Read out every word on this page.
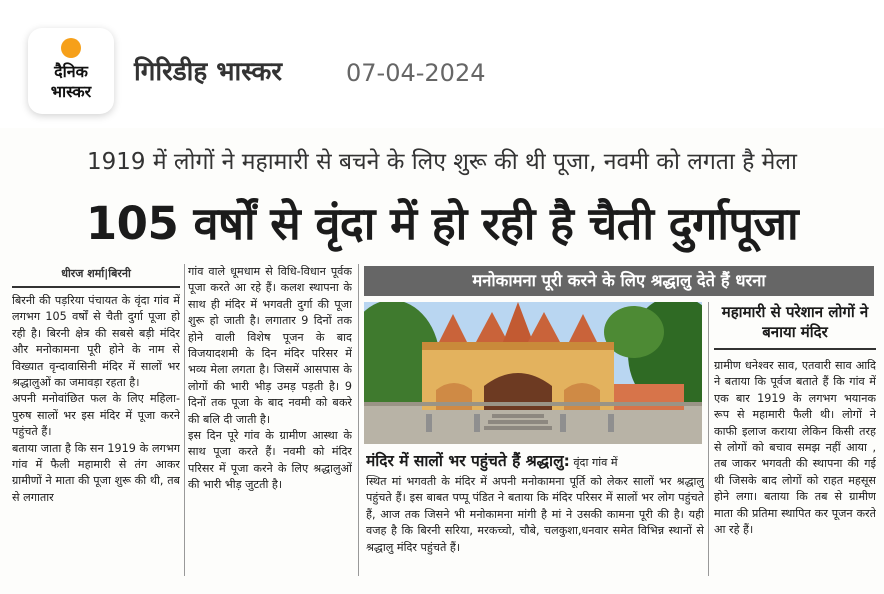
दैनिक
भास्कर
गिरिडीह भास्कर	07-04-2024
1919 में लोगों ने महामारी से बचने के लिए शुरू की थी पूजा, नवमी को लगता है मेला
105 वर्षों से वृंदा में हो रही है चैती दुर्गापूजा
धीरज शर्मा|बिरनी
बिरनी की पड़रिया पंचायत के वृंदा गांव में लगभग 105 वर्षों से चैती दुर्गा पूजा हो रही है। बिरनी क्षेत्र की सबसे बड़ी मंदिर और मनोकामना पूरी होने के नाम से विख्यात वृन्दावासिनी मंदिर में सालों भर श्रद्धालुओं का जमावड़ा रहता है।
अपनी मनोवांछित फल के लिए महिला- पुरुष सालों भर इस मंदिर में पूजा करने पहुंचते हैं।
बताया जाता है कि सन 1919 के लगभग गांव में फैली महामारी से तंग आकर ग्रामीणों ने माता की पूजा शुरू की थी, तब से लगातार
गांव वाले धूमधाम से विधि-विधान पूर्वक पूजा करते आ रहे हैं। कलश स्थापना के साथ ही मंदिर में भगवती दुर्गा की पूजा शुरू हो जाती है। लगातार 9 दिनों तक होने वाली विशेष पूजन के बाद विजयादशमी के दिन मंदिर परिसर में भव्य मेला लगता है। जिसमें आसपास के लोगों की भारी भीड़ उमड़ पड़ती है। 9 दिनों तक पूजा के बाद नवमी को बकरे की बलि दी जाती है।
इस दिन पूरे गांव के ग्रामीण आस्था के साथ पूजा करते हैं। नवमी को मंदिर परिसर में पूजा करने के लिए श्रद्धालुओं की भारी भीड़ जुटती है।
मनोकामना पूरी करने के लिए श्रद्धालु देते हैं धरना
मंदिर में सालों भर पहुंचते हैं श्रद्धालु: वृंदा गांव में
स्थित मां भगवती के मंदिर में अपनी मनोकामना पूर्ति को लेकर सालों भर श्रद्धालु पहुंचते हैं। इस बाबत पप्पू पंडित ने बताया कि मंदिर परिसर में सालों भर लोग पहुंचते हैं, आज तक जिसने भी मनोकामना मांगी है मां ने उसकी कामना पूरी की है। यही वजह है कि बिरनी सरिया, मरकच्चो, चौबे, चलकुशा,धनवार समेत विभिन्न स्थानों से श्रद्धालु मंदिर पहुंचते हैं।
महामारी से परेशान लोगों ने बनाया मंदिर
ग्रामीण धनेश्वर साव, एतवारी साव आदि ने बताया कि पूर्वज बताते हैं कि गांव में एक बार 1919 के लगभग भयानक रूप से महामारी फैली थी। लोगों ने काफी इलाज कराया लेकिन किसी तरह से लोगों को बचाव समझ नहीं आया , तब जाकर भगवती की स्थापना की गई थी जिसके बाद लोगों को राहत महसूस होने लगा। बताया कि तब से ग्रामीण माता की प्रतिमा स्थापित कर पूजन करते आ रहे हैं।
